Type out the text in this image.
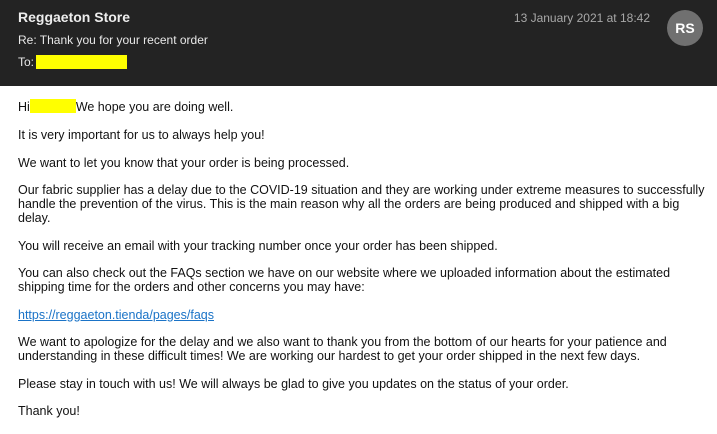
Reggaeton Store
Re: Thank you for your recent order
To:
13 January 2021 at 18:42
RS

Hi	We hope you are doing well.

It is very important for us to always help you!

We want to let you know that your order is being processed.

Our fabric supplier has a delay due to the COVID-19 situation and they are working under extreme measures to successfully handle the prevention of the virus. This is the main reason why all the orders are being produced and shipped with a big delay.

You will receive an email with your tracking number once your order has been shipped.

You can also check out the FAQs section we have on our website where we uploaded information about the estimated shipping time for the orders and other concerns you may have:

https://reggaeton.tienda/pages/faqs

We want to apologize for the delay and we also want to thank you from the bottom of our hearts for your patience and understanding in these difficult times! We are working our hardest to get your order shipped in the next few days.

Please stay in touch with us! We will always be glad to give you updates on the status of your order.

Thank you!
